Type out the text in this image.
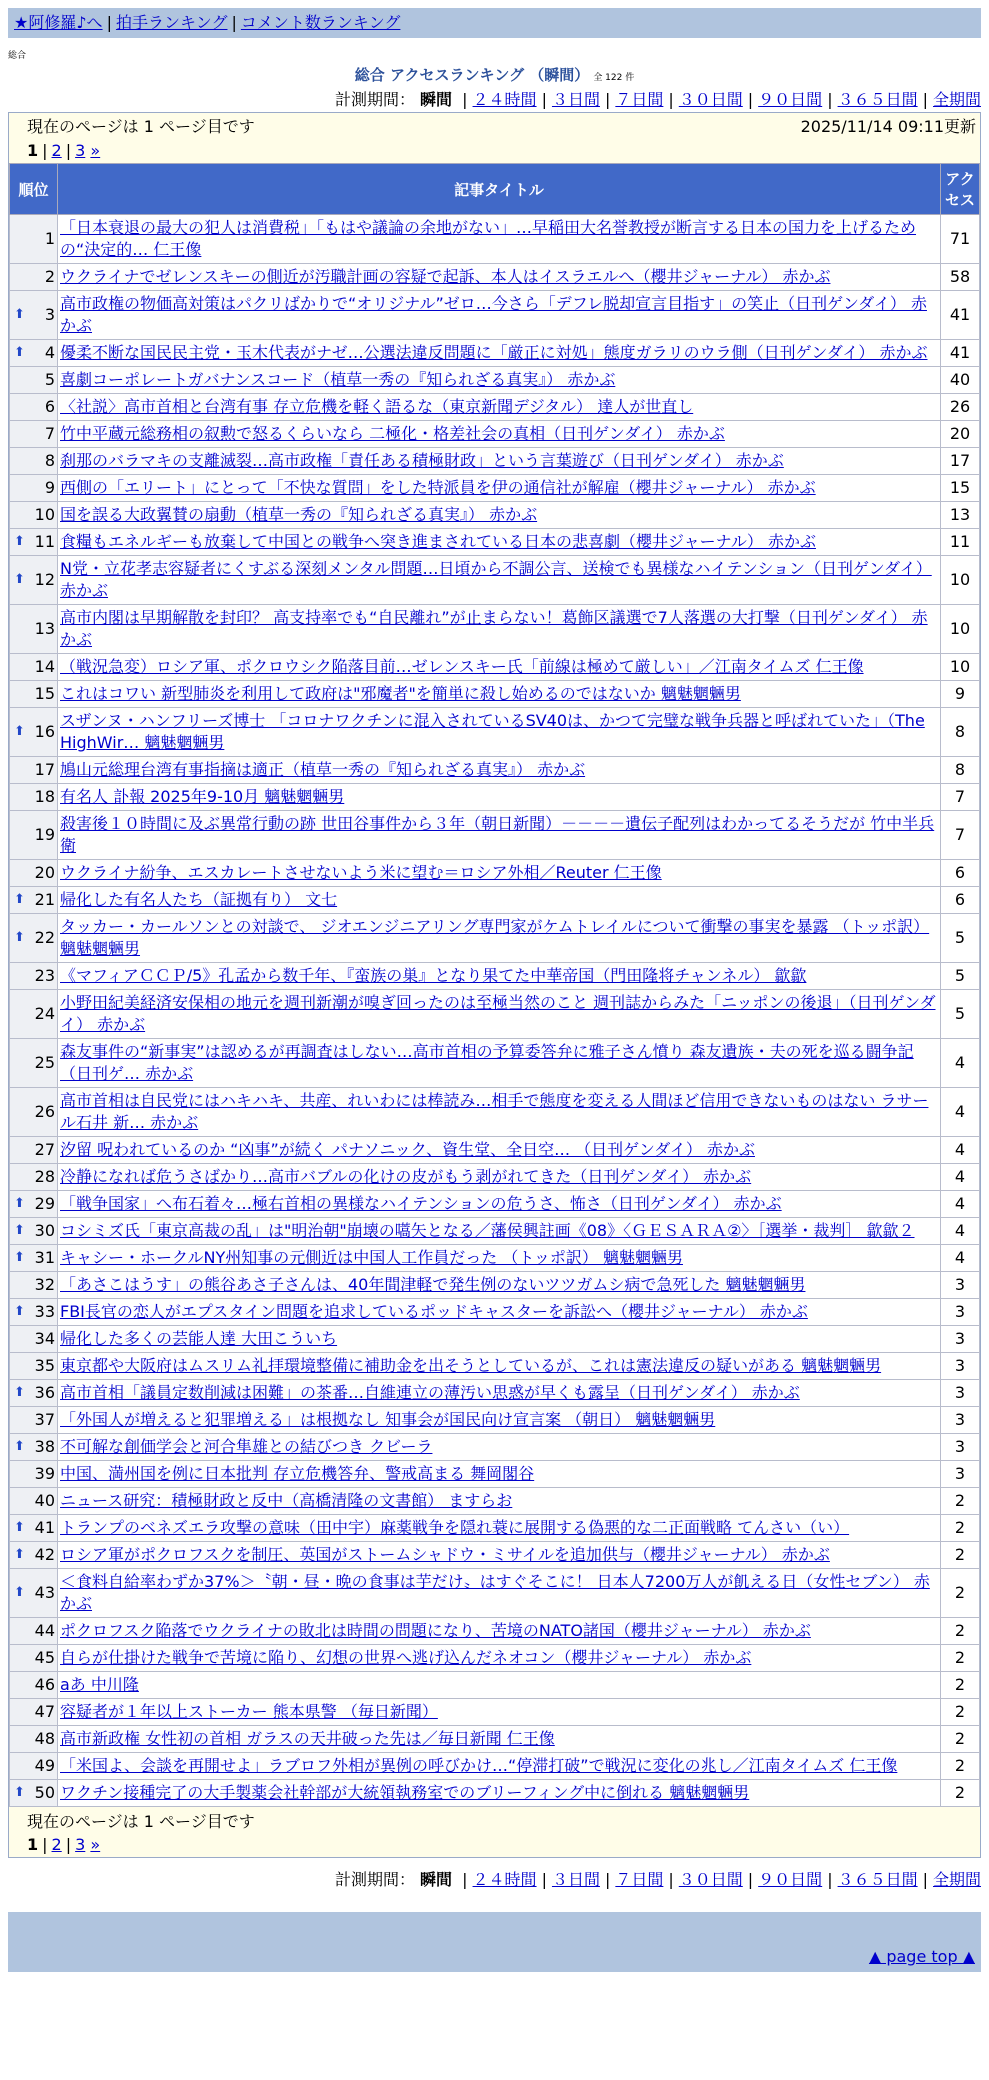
★阿修羅♪へ | 拍手ランキング | コメント数ランキング
総合
総合 アクセスランキング （瞬間） 全 122 件
計測期間： 瞬間 | ２４時間 | ３日間 | ７日間 | ３０日間 | ９０日間 | ３６５日間 | 全期間
現在のページは 1 ページ目です	2025/11/14 09:11更新
1 | 2 | 3 »
順位	記事タイトル	アクセス
1	「日本衰退の最大の犯人は消費税」「もはや議論の余地がない」…早稲田大名誉教授が断言する日本の国力を上げるための“決定的… 仁王像	71
2	ウクライナでゼレンスキーの側近が汚職計画の容疑で起訴、本人はイスラエルへ（櫻井ジャーナル） 赤かぶ	58

⬆ 3	高市政権の物価高対策はパクリばかりで“オリジナル”ゼロ…今さら「デフレ脱却宣言目指す」の笑止（日刊ゲンダイ） 赤かぶ	41

⬆ 4	優柔不断な国民民主党・玉木代表がナゼ…公選法違反問題に「厳正に対処」態度ガラリのウラ側（日刊ゲンダイ） 赤かぶ	41
5	喜劇コーポレートガバナンスコード（植草一秀の『知られざる真実』） 赤かぶ	40
6	〈社説〉高市首相と台湾有事 存立危機を軽く語るな（東京新聞デジタル） 達人が世直し	26
7	竹中平蔵元総務相の叙勲で怒るくらいなら 二極化・格差社会の真相（日刊ゲンダイ） 赤かぶ	20
8	刹那のバラマキの支離滅裂…高市政権「責任ある積極財政」という言葉遊び（日刊ゲンダイ） 赤かぶ	17
9	西側の「エリート」にとって「不快な質問」をした特派員を伊の通信社が解雇（櫻井ジャーナル） 赤かぶ	15
10	国を誤る大政翼賛の扇動（植草一秀の『知られざる真実』） 赤かぶ	13

⬆ 11	食糧もエネルギーも放棄して中国との戦争へ突き進まされている日本の悲喜劇（櫻井ジャーナル） 赤かぶ	11

⬆ 12	N党・立花孝志容疑者にくすぶる深刻メンタル問題…日頃から不調公言、送検でも異様なハイテンション（日刊ゲンダイ） 赤かぶ	10
13	高市内閣は早期解散を封印？ 高支持率でも“自民離れ”が止まらない！葛飾区議選で7人落選の大打撃（日刊ゲンダイ） 赤かぶ	10
14	（戦況急変）ロシア軍、ポクロウシク陥落目前…ゼレンスキー氏「前線は極めて厳しい」／江南タイムズ 仁王像	10
15	これはコワい 新型肺炎を利用して政府は"邪魔者"を簡単に殺し始めるのではないか 魑魅魍魎男	9

⬆ 16	スザンヌ・ハンフリーズ博士 「コロナワクチンに混入されているSV40は、かつて完璧な戦争兵器と呼ばれていた」（The HighWir… 魑魅魍魎男	8
17	鳩山元総理台湾有事指摘は適正（植草一秀の『知られざる真実』） 赤かぶ	8
18	有名人 訃報 2025年9-10月 魑魅魍魎男	7
19	殺害後１０時間に及ぶ異常行動の跡 世田谷事件から３年（朝日新聞）－－－－遺伝子配列はわかってるそうだが 竹中半兵衛	7
20	ウクライナ紛争、エスカレートさせないよう米に望む＝ロシア外相／Reuter 仁王像	6

⬆ 21	帰化した有名人たち（証拠有り） 文七	6

⬆ 22	タッカー・カールソンとの対談で、 ジオエンジニアリング専門家がケムトレイルについて衝撃の事実を暴露 （トッポ訳） 魑魅魍魎男	5
23	《マフィアＣＣＰ/5》孔孟から数千年、『蛮族の巣』となり果てた中華帝国（門田隆将チャンネル） 歙歙	5
24	小野田紀美経済安保相の地元を週刊新潮が嗅ぎ回ったのは至極当然のこと 週刊誌からみた「ニッポンの後退」（日刊ゲンダイ） 赤かぶ	5
25	森友事件の“新事実”は認めるが再調査はしない…高市首相の予算委答弁に雅子さん憤り 森友遺族・夫の死を巡る闘争記（日刊ゲ… 赤かぶ	4
26	高市首相は自民党にはハキハキ、共産、れいわには棒読み…相手で態度を変える人間ほど信用できないものはない ラサール石井 新… 赤かぶ	4
27	汐留 呪われているのか “凶事”が続く パナソニック、資生堂、全日空… （日刊ゲンダイ） 赤かぶ	4
28	冷静になれば危うさばかり…高市バブルの化けの皮がもう剥がれてきた（日刊ゲンダイ） 赤かぶ	4

⬆ 29	「戦争国家」へ布石着々…極右首相の異様なハイテンションの危うさ、怖さ（日刊ゲンダイ） 赤かぶ	4

⬆ 30	コシミズ氏「東京高裁の乱」は"明治朝"崩壊の嚆矢となる／藩侯興註画《08》〈ＧＥＳＡＲＡ②〉［選挙・裁判］ 歙歙２	4

⬆ 31	キャシー・ホークルNY州知事の元側近は中国人工作員だった （トッポ訳） 魑魅魍魎男	4
32	「あさこはうす」の熊谷あさ子さんは、40年間津軽で発生例のないツツガムシ病で急死した 魑魅魍魎男	3

⬆ 33	FBI長官の恋人がエプスタイン問題を追求しているポッドキャスターを訴訟へ（櫻井ジャーナル） 赤かぶ	3
34	帰化した多くの芸能人達 大田こういち	3
35	東京都や大阪府はムスリム礼拝環境整備に補助金を出そうとしているが、これは憲法違反の疑いがある 魑魅魍魎男	3

⬆ 36	高市首相「議員定数削減は困難」の茶番…自維連立の薄汚い思惑が早くも露呈（日刊ゲンダイ） 赤かぶ	3
37	「外国人が増えると犯罪増える」は根拠なし 知事会が国民向け宣言案 （朝日） 魑魅魍魎男	3

⬆ 38	不可解な創価学会と河合隼雄との結びつき クビーラ	3
39	中国、満州国を例に日本批判 存立危機答弁、警戒高まる 舞岡閣谷	3
40	ニュース研究：積極財政と反中（高橋清隆の文書館） ますらお	2

⬆ 41	トランプのベネズエラ攻撃の意味（田中宇）麻薬戦争を隠れ蓑に展開する偽悪的な二正面戦略 てんさい（い）	2

⬆ 42	ロシア軍がポクロフスクを制圧、英国がストームシャドウ・ミサイルを追加供与（櫻井ジャーナル） 赤かぶ	2

⬆ 43	＜食料自給率わずか37%＞〝朝・昼・晩の食事は芋だけ〟はすぐそこに！ 日本人7200万人が飢える日（女性セブン） 赤かぶ	2
44	ポクロフスク陥落でウクライナの敗北は時間の問題になり、苦境のNATO諸国（櫻井ジャーナル） 赤かぶ	2
45	自らが仕掛けた戦争で苦境に陥り、幻想の世界へ逃げ込んだネオコン（櫻井ジャーナル） 赤かぶ	2
46	aあ 中川隆	2
47	容疑者が１年以上ストーカー 熊本県警 （毎日新聞）	2
48	高市新政権 女性初の首相 ガラスの天井破った先は／毎日新聞 仁王像	2
49	「米国よ、会談を再開せよ」ラブロフ外相が異例の呼びかけ…“停滞打破”で戦況に変化の兆し／江南タイムズ 仁王像	2

⬆ 50	ワクチン接種完了の大手製薬会社幹部が大統領執務室でのブリーフィング中に倒れる 魑魅魍魎男	2
現在のページは 1 ページ目です
1 | 2 | 3 »
計測期間： 瞬間 | ２４時間 | ３日間 | ７日間 | ３０日間 | ９０日間 | ３６５日間 | 全期間
▲ page top ▲
